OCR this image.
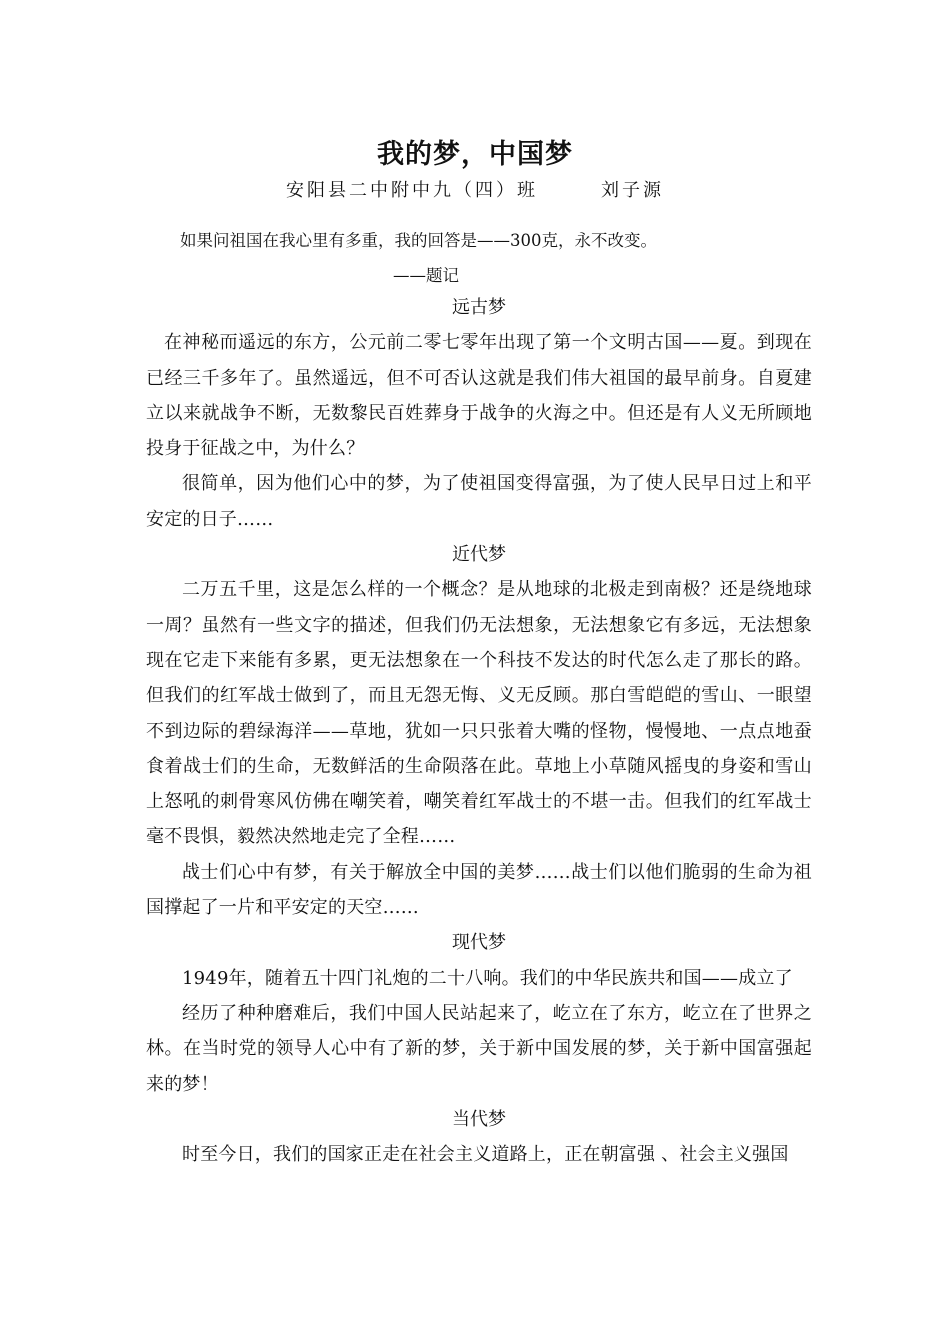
我的梦，中国梦
安阳县二中附中九（四）班　　　刘子源
如果问祖国在我心里有多重，我的回答是——300克，永不改变。
——题记
远古梦

在神秘而遥远的东方，公元前二零七零年出现了第一个文明古国——夏。到现在已经三千多年了。虽然遥远，但不可否认这就是我们伟大祖国的最早前身。自夏建立以来就战争不断，无数黎民百姓葬身于战争的火海之中。但还是有人义无所顾地投身于征战之中，为什么？

很简单，因为他们心中的梦，为了使祖国变得富强，为了使人民早日过上和平安定的日子……

近代梦

二万五千里，这是怎么样的一个概念？是从地球的北极走到南极？还是绕地球一周？虽然有一些文字的描述，但我们仍无法想象，无法想象它有多远，无法想象现在它走下来能有多累，更无法想象在一个科技不发达的时代怎么走了那长的路。但我们的红军战士做到了，而且无怨无悔、义无反顾。那白雪皑皑的雪山、一眼望不到边际的碧绿海洋——草地，犹如一只只张着大嘴的怪物，慢慢地、一点点地蚕食着战士们的生命，无数鲜活的生命陨落在此。草地上小草随风摇曳的身姿和雪山上怒吼的刺骨寒风仿佛在嘲笑着，嘲笑着红军战士的不堪一击。但我们的红军战士毫不畏惧，毅然决然地走完了全程……

战士们心中有梦，有关于解放全中国的美梦……战士们以他们脆弱的生命为祖国撑起了一片和平安定的天空……

现代梦

1949年，随着五十四门礼炮的二十八响。我们的中华民族共和国——成立了

经历了种种磨难后，我们中国人民站起来了，屹立在了东方，屹立在了世界之林。在当时党的领导人心中有了新的梦，关于新中国发展的梦，关于新中国富强起来的梦！

当代梦

时至今日，我们的国家正走在社会主义道路上，正在朝富强 、社会主义强国
